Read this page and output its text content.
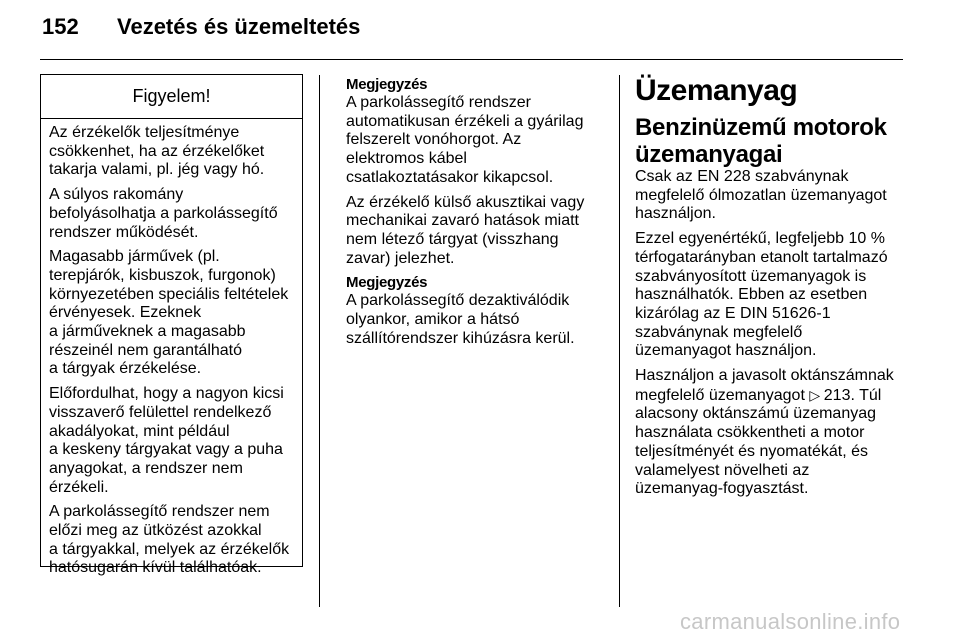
152 Vezetés és üzemeltetés
Figyelem!

Az érzékelők teljesítménye
csökkenhet, ha az érzékelőket
takarja valami, pl. jég vagy hó.

A súlyos rakomány
befolyásolhatja a parkolássegítő
rendszer működését.

Magasabb járművek (pl.
terepjárók, kisbuszok, furgonok)
környezetében speciális feltételek
érvényesek. Ezeknek
a járműveknek a magasabb
részeinél nem garantálható
a tárgyak érzékelése.

Előfordulhat, hogy a nagyon kicsi
visszaverő felülettel rendelkező
akadályokat, mint például
a keskeny tárgyakat vagy a puha
anyagokat, a rendszer nem
érzékeli.

A parkolássegítő rendszer nem
előzi meg az ütközést azokkal
a tárgyakkal, melyek az érzékelők
hatósugarán kívül találhatóak.

Megjegyzés

A parkolássegítő rendszer
automatikusan érzékeli a gyárilag
felszerelt vonóhorgot. Az
elektromos kábel
csatlakoztatásakor kikapcsol.

Az érzékelő külső akusztikai vagy
mechanikai zavaró hatások miatt
nem létező tárgyat (visszhang
zavar) jelezhet.

Megjegyzés

A parkolássegítő dezaktiválódik
olyankor, amikor a hátsó
szállítórendszer kihúzásra kerül.

Üzemanyag
Benzinüzemű motorok
üzemanyagai

Csak az EN 228 szabványnak
megfelelő ólmozatlan üzemanyagot
használjon.

Ezzel egyenértékű, legfeljebb 10 %
térfogatarányban etanolt tartalmazó
szabványosított üzemanyagok is
használhatók. Ebben az esetben
kizárólag az E DIN 51626-1
szabványnak megfelelő
üzemanyagot használjon.

Használjon a javasolt oktánszámnak
megfelelő üzemanyagot ▷ 213. Túl
alacsony oktánszámú üzemanyag
használata csökkentheti a motor
teljesítményét és nyomatékát, és
valamelyest növelheti az
üzemanyag-fogyasztást.

carmanualsonline.info
